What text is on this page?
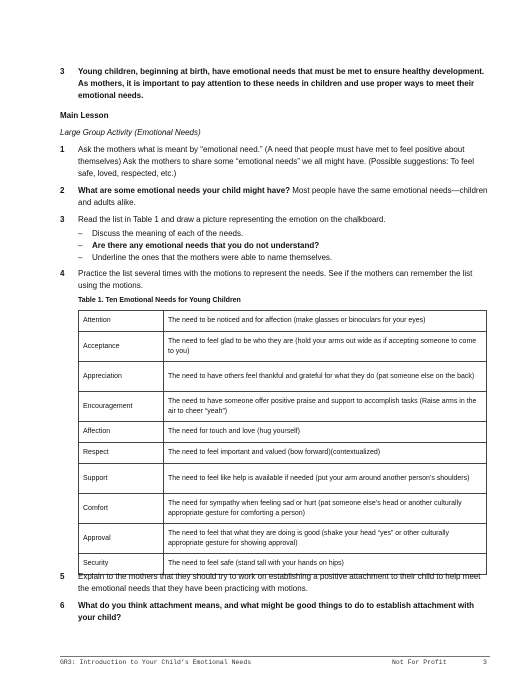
3 Young children, beginning at birth, have emotional needs that must be met to ensure healthy development. As mothers, it is important to pay attention to these needs in children and use proper ways to meet their emotional needs.
Main Lesson
Large Group Activity (Emotional Needs)
1 Ask the mothers what is meant by “emotional need.” (A need that people must have met to feel positive about themselves) Ask the mothers to share some “emotional needs” we all might have. (Possible suggestions: To feel safe, loved, respected, etc.)
2 What are some emotional needs your child might have? Most people have the same emotional needs—children and adults alike.
3 Read the list in Table 1 and draw a picture representing the emotion on the chalkboard.
– Discuss the meaning of each of the needs.
– Are there any emotional needs that you do not understand?
– Underline the ones that the mothers were able to name themselves.
4 Practice the list several times with the motions to represent the needs. See if the mothers can remember the list using the motions.
Table 1. Ten Emotional Needs for Young Children
Attention	The need to be noticed and for affection (make glasses or binoculars for your eyes)
Acceptance	The need to feel glad to be who they are (hold your arms out wide as if accepting someone to come to you)
Appreciation	The need to have others feel thankful and grateful for what they do (pat someone else on the back)
Encouragement	The need to have someone offer positive praise and support to accomplish tasks (Raise arms in the air to cheer “yeah”)
Affection	The need for touch and love (hug yourself)
Respect	The need to feel important and valued (bow forward)(contextualized)
Support	The need to feel like help is available if needed (put your arm around another person’s shoulders)
Comfort	The need for sympathy when feeling sad or hurt (pat someone else’s head or another culturally appropriate gesture for comforting a person)
Approval	The need to feel that what they are doing is good (shake your head “yes” or other culturally appropriate gesture for showing approval)
Security	The need to feel safe (stand tall with your hands on hips)
5 Explain to the mothers that they should try to work on establishing a positive attachment to their child to help meet the emotional needs that they have been practicing with motions.
6 What do you think attachment means, and what might be good things to do to establish attachment with your child?
GR3: Introduction to Your Child’s Emotional Needs	Not For Profit	3
